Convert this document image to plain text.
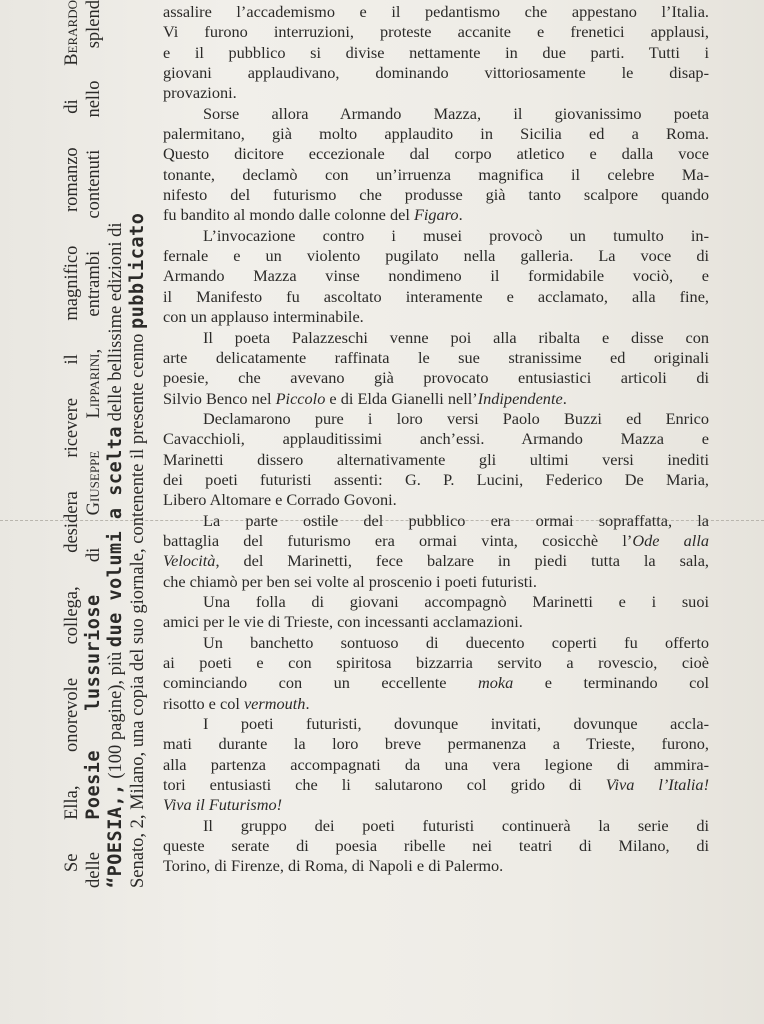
Se Ella, onorevole collega, desidera ricevere il magnifico romanzo di Berardo
delle Poesie lussuriose di Giuseppe Lipparini, entrambi contenuti nello splend
“POESIA,, (100 pagine), più due volumi a scelta delle bellissime edizioni di
Senato, 2, Milano, una copia del suo giornale, contenente il presente cenno pubblicato
assalire l’accademismo e il pedantismo che appestano l’Italia.
Vi furono interruzioni, proteste accanite e frenetici applausi,
e il pubblico si divise nettamente in due parti. Tutti i
giovani applaudivano, dominando vittoriosamente le disap-
provazioni.
Sorse allora Armando Mazza, il giovanissimo poeta
palermitano, già molto applaudito in Sicilia ed a Roma.
Questo dicitore eccezionale dal corpo atletico e dalla voce
tonante, declamò con un’irruenza magnifica il celebre Ma-
nifesto del futurismo che produsse già tanto scalpore quando
fu bandito al mondo dalle colonne del Figaro.
L’invocazione contro i musei provocò un tumulto in-
fernale e un violento pugilato nella galleria. La voce di
Armando Mazza vinse nondimeno il formidabile vociò, e
il Manifesto fu ascoltato interamente e acclamato, alla fine,
con un applauso interminabile.
Il poeta Palazzeschi venne poi alla ribalta e disse con
arte delicatamente raffinata le sue stranissime ed originali
poesie, che avevano già provocato entusiastici articoli di
Silvio Benco nel Piccolo e di Elda Gianelli nell’Indipendente.
Declamarono pure i loro versi Paolo Buzzi ed Enrico
Cavacchioli, applauditissimi anch’essi. Armando Mazza e
Marinetti dissero alternativamente gli ultimi versi inediti
dei poeti futuristi assenti: G. P. Lucini, Federico De Maria,
Libero Altomare e Corrado Govoni.
La parte ostile del pubblico era ormai sopraffatta, la
battaglia del futurismo era ormai vinta, cosicchè l’Ode alla
Velocità, del Marinetti, fece balzare in piedi tutta la sala,
che chiamò per ben sei volte al proscenio i poeti futuristi.
Una folla di giovani accompagnò Marinetti e i suoi
amici per le vie di Trieste, con incessanti acclamazioni.
Un banchetto sontuoso di duecento coperti fu offerto
ai poeti e con spiritosa bizzarria servito a rovescio, cioè
cominciando con un eccellente moka e terminando col
risotto e col vermouth.
I poeti futuristi, dovunque invitati, dovunque accla-
mati durante la loro breve permanenza a Trieste, furono,
alla partenza accompagnati da una vera legione di ammira-
tori entusiasti che li salutarono col grido di Viva l’Italia!
Viva il Futurismo!
Il gruppo dei poeti futuristi continuerà la serie di
queste serate di poesia ribelle nei teatri di Milano, di
Torino, di Firenze, di Roma, di Napoli e di Palermo.
